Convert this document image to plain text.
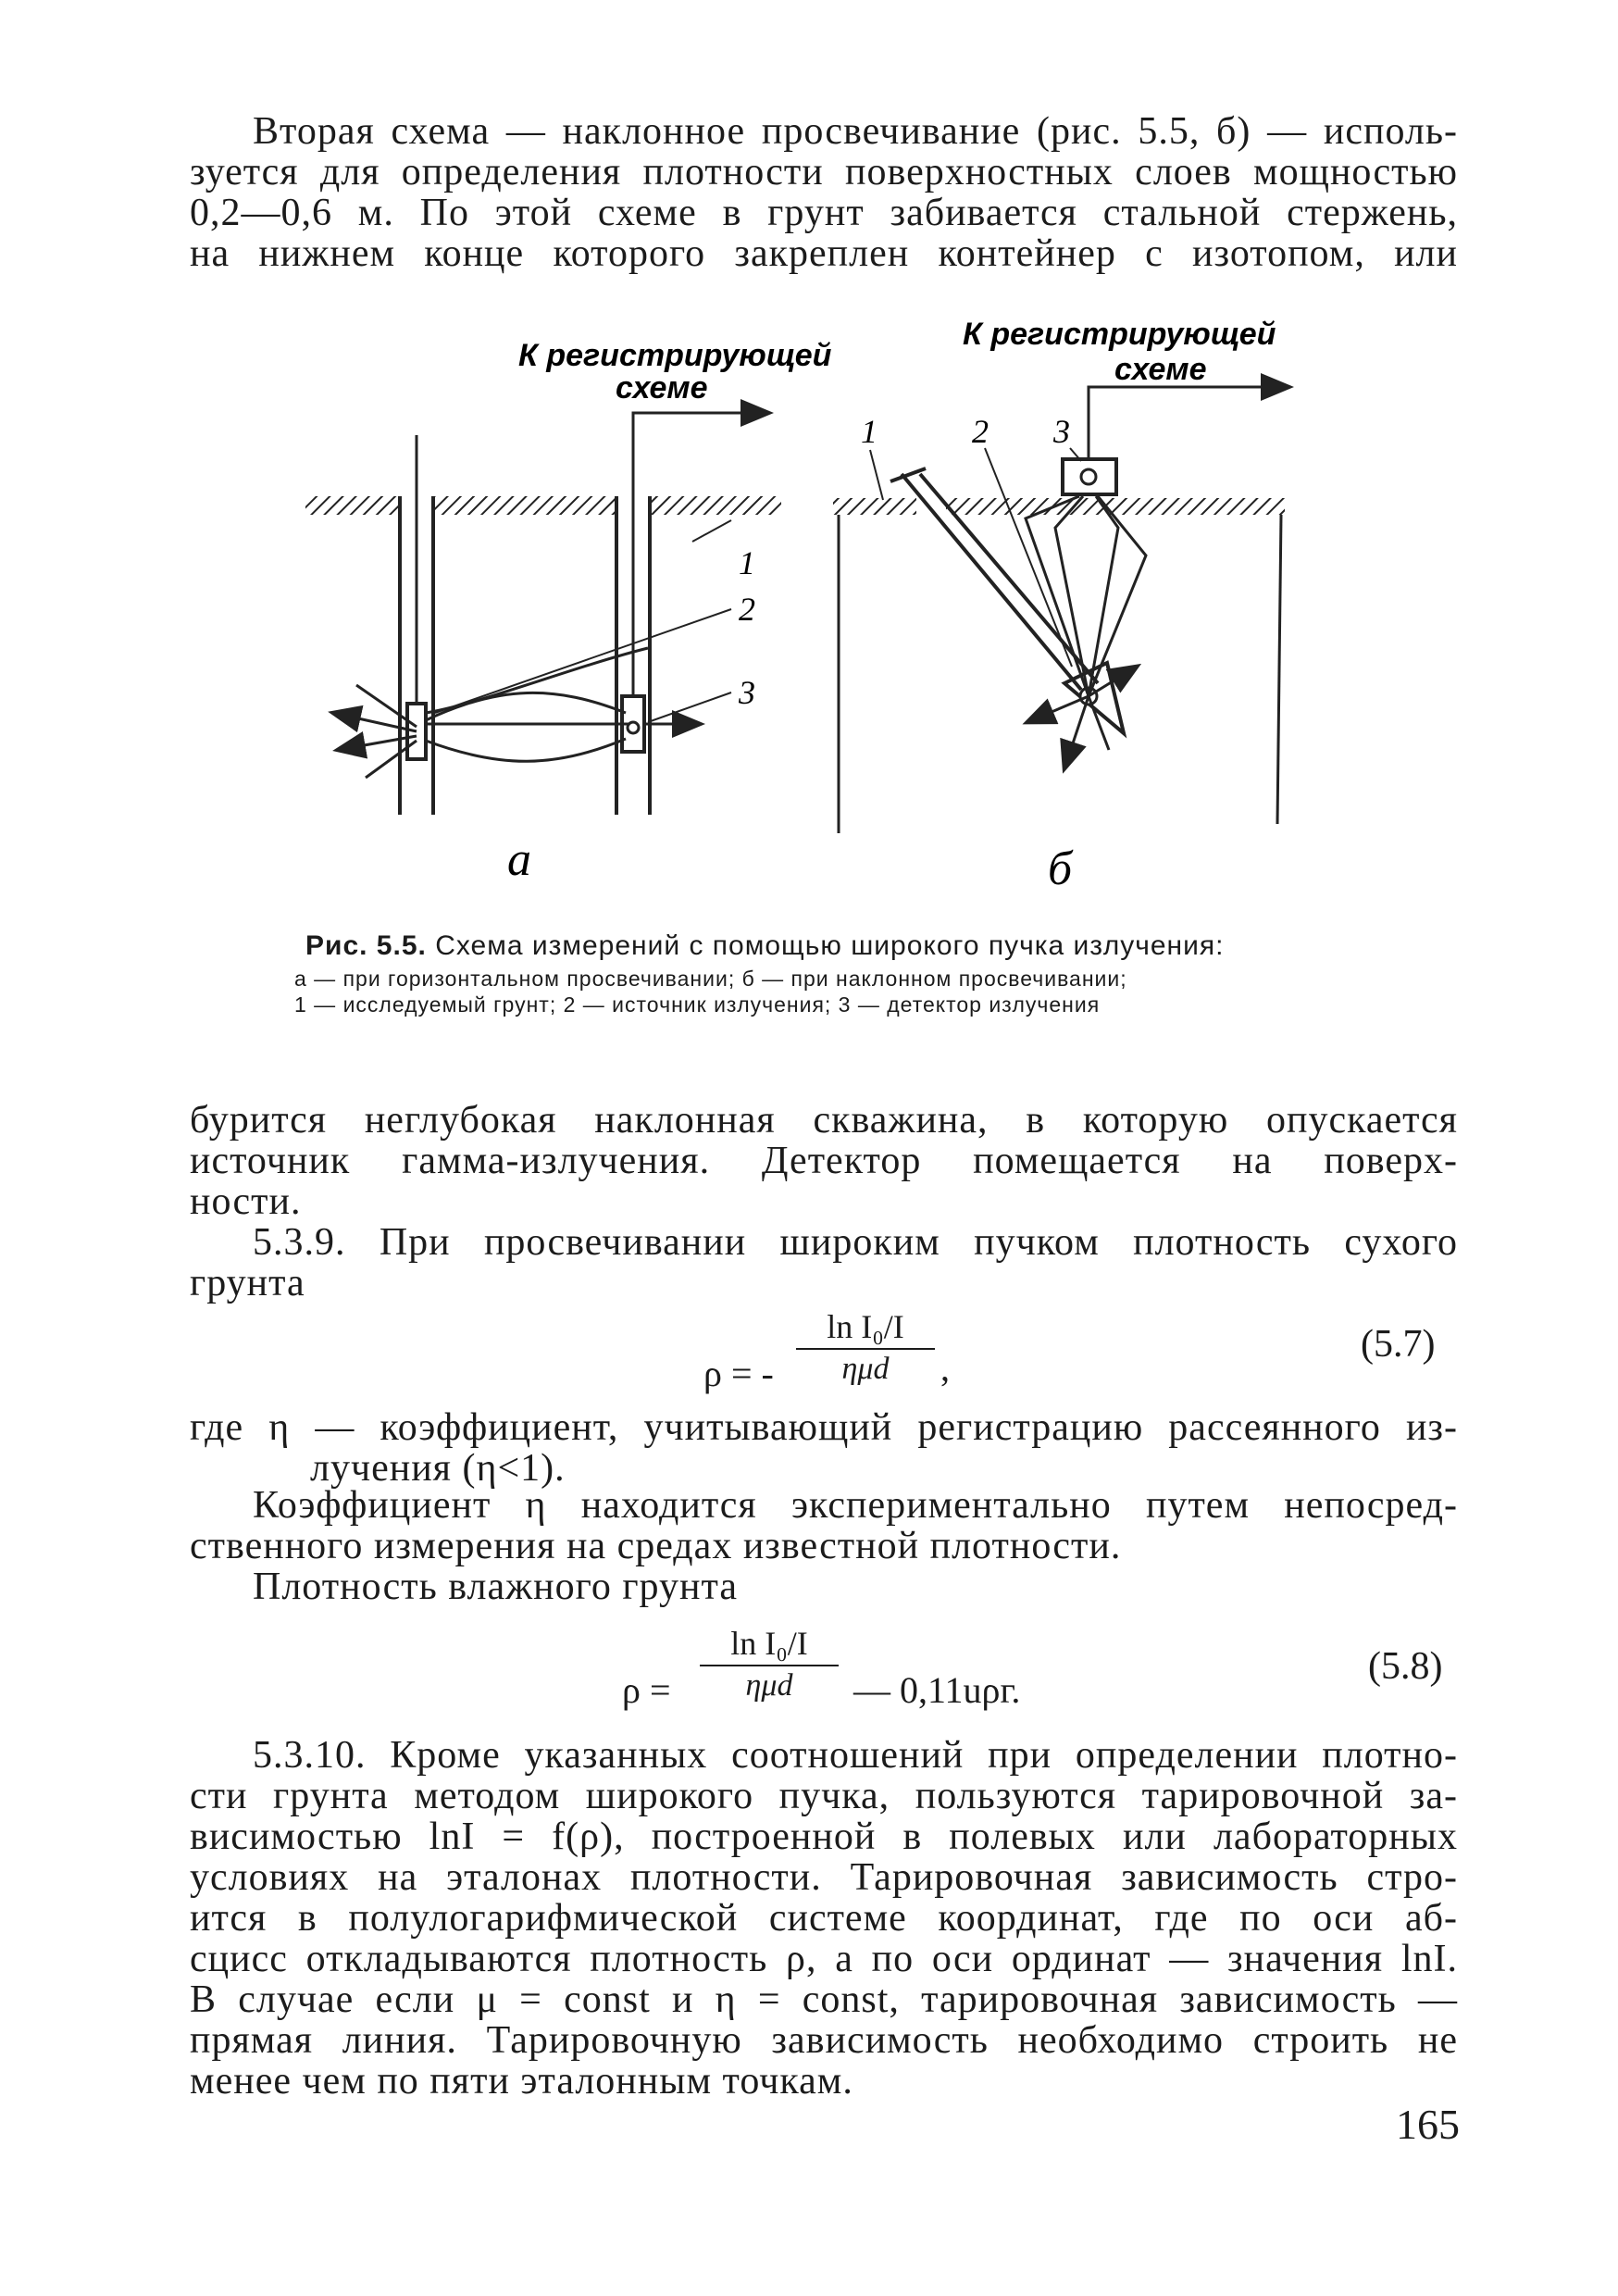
Вторая схема — наклонное просвечивание (рис. 5.5, б) — исполь-
зуется для определения плотности поверхностных слоев мощностью
0,2—0,6 м. По этой схеме в грунт забивается стальной стержень,
на нижнем конце которого закреплен контейнер с изотопом, или
К регистрирующей
схеме
1
2
3
а
К регистрирующей
схеме
1	2 3
б
Рис. 5.5. Схема измерений с помощью широкого пучка излучения:
а — при горизонтальном просвечивании; б — при наклонном просвечивании;
1 — исследуемый грунт; 2 — источник излучения; 3 — детектор излучения
бурится неглубокая наклонная скважина, в которую опускается
источник гамма-излучения. Детектор помещается на поверх-
ности.
5.3.9. При просвечивании широким пучком плотность сухого
грунта
ρ = -
ln I₀/I
ημd	,
(5.7)
где η — коэффициент, учитывающий регистрацию рассеянного из-
лучения (η<1).
Коэффициент η находится экспериментально путем непосред-
ственного измерения на средах известной плотности.
Плотность влажного грунта
ρ =
ln I₀/I
ημd	— 0,11uρг.
(5.8)
5.3.10. Кроме указанных соотношений при определении плотно-
сти грунта методом широкого пучка, пользуются тарировочной за-
висимостью lnI = f(ρ), построенной в полевых или лабораторных
условиях на эталонах плотности. Тарировочная зависимость стро-
ится в полулогарифмической системе координат, где по оси аб-
сцисс откладываются плотность ρ, а по оси ординат — значения lnI.
В случае если μ = const и η = const, тарировочная зависимость —
прямая линия. Тарировочную зависимость необходимо строить не
менее чем по пяти эталонным точкам.
165
